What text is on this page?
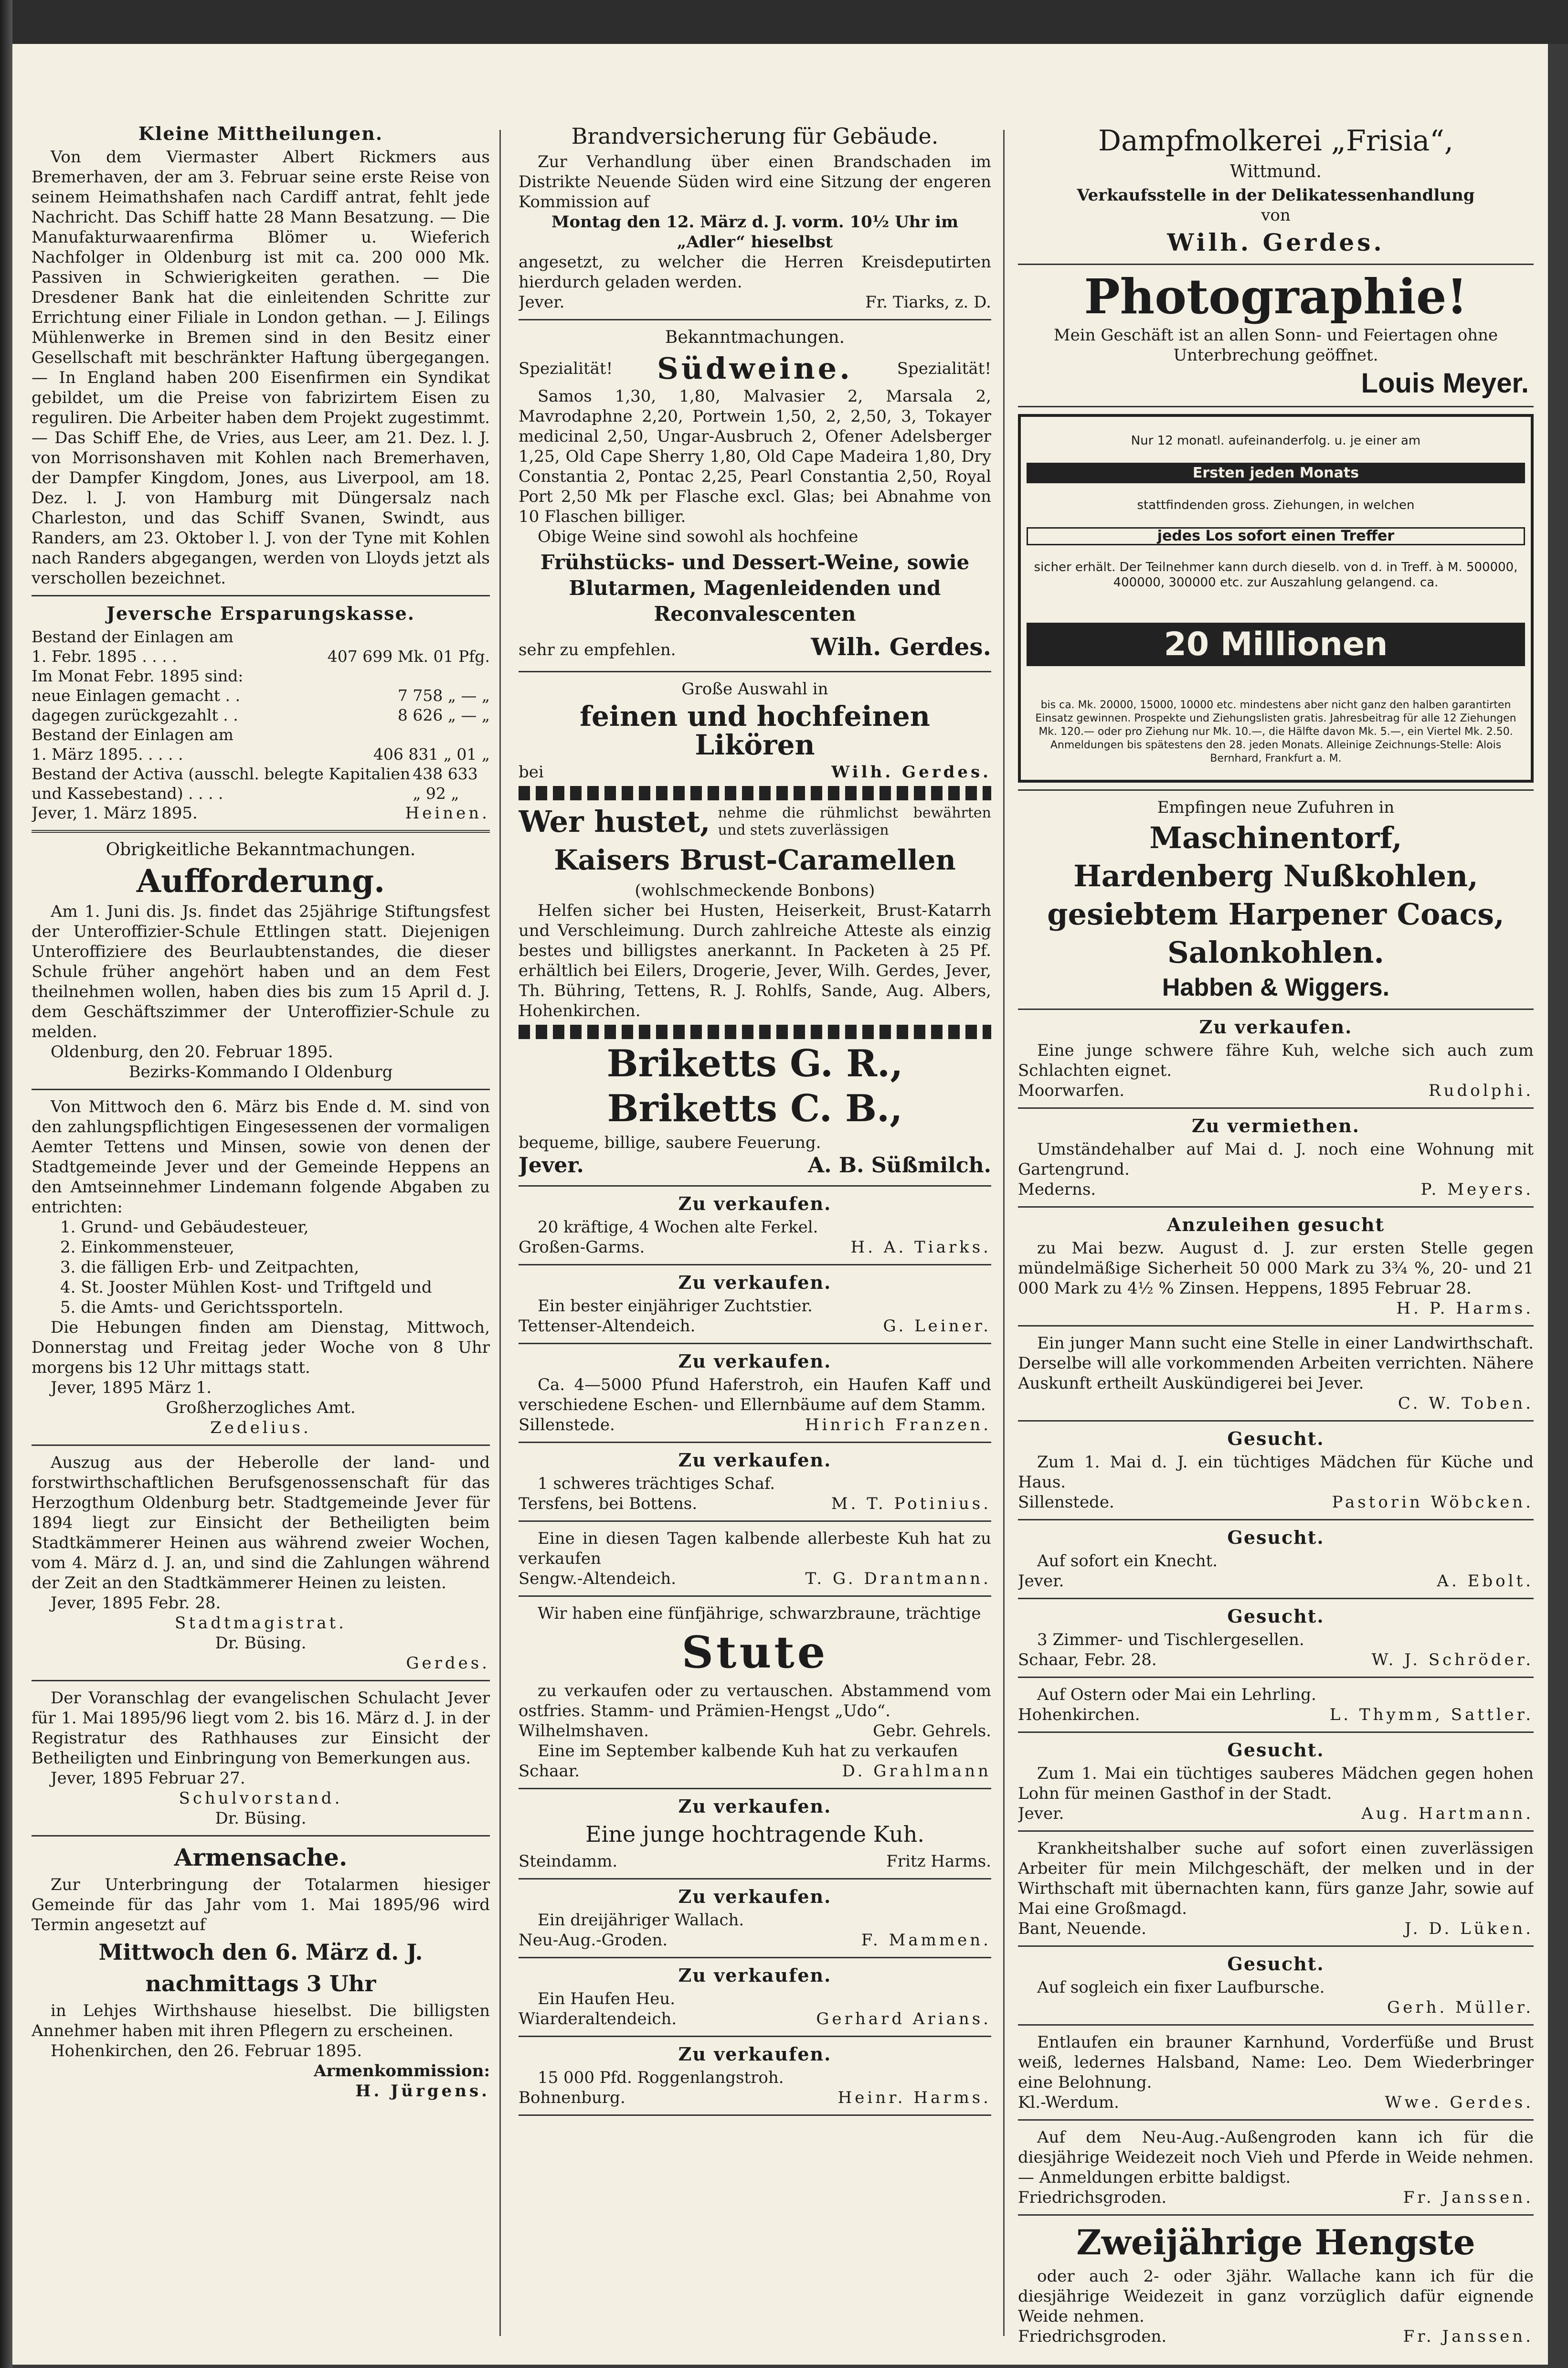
Kleine Mittheilungen.

Von dem Viermaster Albert Rickmers aus Bremerhaven, der am 3. Februar seine erste Reise von seinem Heimathshafen nach Cardiff antrat, fehlt jede Nachricht. Das Schiff hatte 28 Mann Besatzung. — Die Manufakturwaarenfirma Blömer u. Wieferich Nachfolger in Oldenburg ist mit ca. 200 000 Mk. Passiven in Schwierigkeiten gerathen. — Die Dresdener Bank hat die einleitenden Schritte zur Errichtung einer Filiale in London gethan. — J. Eilings Mühlenwerke in Bremen sind in den Besitz einer Gesellschaft mit beschränkter Haftung übergegangen. — In England haben 200 Eisenfirmen ein Syndikat gebildet, um die Preise von fabrizirtem Eisen zu reguliren. Die Arbeiter haben dem Projekt zugestimmt. — Das Schiff Ehe, de Vries, aus Leer, am 21. Dez. l. J. von Morrisonshaven mit Kohlen nach Bremerhaven, der Dampfer Kingdom, Jones, aus Liverpool, am 18. Dez. l. J. von Hamburg mit Düngersalz nach Charleston, und das Schiff Svanen, Swindt, aus Randers, am 23. Oktober l. J. von der Tyne mit Kohlen nach Randers abgegangen, werden von Lloyds jetzt als verschollen bezeichnet.

Jeversche Ersparungskasse.

Bestand der Einlagen am
1. Febr. 1895 . . . .	407 699 Mk. 01 Pfg.
Im Monat Febr. 1895 sind:
neue Einlagen gemacht . .	7 758 „ — „
dagegen zurückgezahlt . .	8 626 „ — „
Bestand der Einlagen am
1. März 1895. . . . .	406 831 „ 01 „
Bestand der Activa (ausschl. belegte Kapitalien und Kassebestand) . . . .
438 633 „ 92 „
Jever, 1. März 1895.	Heinen.

Obrigkeitliche Bekanntmachungen.

Aufforderung.

Am 1. Juni dis. Js. findet das 25jährige Stiftungsfest der Unteroffizier-Schule Ettlingen statt. Diejenigen Unteroffiziere des Beurlaubtenstandes, die dieser Schule früher angehört haben und an dem Fest theilnehmen wollen, haben dies bis zum 15 April d. J. dem Geschäftszimmer der Unteroffizier-Schule zu melden.

Oldenburg, den 20. Februar 1895.

Bezirks-Kommando I Oldenburg

Von Mittwoch den 6. März bis Ende d. M. sind von den zahlungspflichtigen Eingesessenen der vormaligen Aemter Tettens und Minsen, sowie von denen der Stadtgemeinde Jever und der Gemeinde Heppens an den Amtseinnehmer Lindemann folgende Abgaben zu entrichten:

1. Grund- und Gebäudesteuer,

2. Einkommensteuer,

3. die fälligen Erb- und Zeitpachten,

4. St. Jooster Mühlen Kost- und Triftgeld und

5. die Amts- und Gerichtssporteln.

Die Hebungen finden am Dienstag, Mittwoch, Donnerstag und Freitag jeder Woche von 8 Uhr morgens bis 12 Uhr mittags statt.

Jever, 1895 März 1.

Großherzogliches Amt.

Zedelius.

Auszug aus der Heberolle der land- und forstwirthschaftlichen Berufsgenossenschaft für das Herzogthum Oldenburg betr. Stadtgemeinde Jever für 1894 liegt zur Einsicht der Betheiligten beim Stadtkämmerer Heinen aus während zweier Wochen, vom 4. März d. J. an, und sind die Zahlungen während der Zeit an den Stadtkämmerer Heinen zu leisten.

Jever, 1895 Febr. 28.

Stadtmagistrat.

Dr. Büsing.

Gerdes.

Der Voranschlag der evangelischen Schulacht Jever für 1. Mai 1895/96 liegt vom 2. bis 16. März d. J. in der Registratur des Rathhauses zur Einsicht der Betheiligten und Einbringung von Bemerkungen aus.

Jever, 1895 Februar 27.

Schulvorstand.

Dr. Büsing.

Armensache.

Zur Unterbringung der Totalarmen hiesiger Gemeinde für das Jahr vom 1. Mai 1895/96 wird Termin angesetzt auf

Mittwoch den 6. März d. J.

nachmittags 3 Uhr

in Lehjes Wirthshause hieselbst. Die billigsten Annehmer haben mit ihren Pflegern zu erscheinen.

Hohenkirchen, den 26. Februar 1895.

Armenkommission:

H. Jürgens.

Brandversicherung für Gebäude.

Zur Verhandlung über einen Brandschaden im Distrikte Neuende Süden wird eine Sitzung der engeren Kommission auf

Montag den 12. März d. J. vorm. 10½ Uhr im „Adler“ hieselbst

angesetzt, zu welcher die Herren Kreisdeputirten hierdurch geladen werden.

Jever.	Fr. Tiarks, z. D.

Bekanntmachungen.

Spezialität! Südweine.	Spezialität!

Samos 1,30, 1,80, Malvasier 2, Marsala 2, Mavrodaphne 2,20, Portwein 1,50, 2, 2,50, 3, Tokayer medicinal 2,50, Ungar-Ausbruch 2, Ofener Adelsberger 1,25, Old Cape Sherry 1,80, Old Cape Madeira 1,80, Dry Constantia 2, Pontac 2,25, Pearl Constantia 2,50, Royal Port 2,50 Mk per Flasche excl. Glas; bei Abnahme von 10 Flaschen billiger.

Obige Weine sind sowohl als hochfeine

Frühstücks- und Dessert-Weine, sowie Blutarmen, Magenleidenden und Reconvalescenten

sehr zu empfehlen.	Wilh. Gerdes.

Große Auswahl in

feinen und hochfeinen Likören

bei	Wilh. Gerdes.
Wer hustet, nehme die rühmlichst bewährten und stets zuverlässigen

Kaisers Brust-Caramellen

(wohlschmeckende Bonbons)

Helfen sicher bei Husten, Heiserkeit, Brust-Katarrh und Verschleimung. Durch zahlreiche Atteste als einzig bestes und billigstes anerkannt. In Packeten à 25 Pf. erhältlich bei Eilers, Drogerie, Jever, Wilh. Gerdes, Jever, Th. Bühring, Tettens, R. J. Rohlfs, Sande, Aug. Albers, Hohenkirchen.

Briketts G. R.,

Briketts C. B.,

bequeme, billige, saubere Feuerung.

Jever.	A. B. Süßmilch.

Zu verkaufen.

20 kräftige, 4 Wochen alte Ferkel.

Großen-Garms.	H. A. Tiarks.

Zu verkaufen.

Ein bester einjähriger Zuchtstier.

Tettenser-Altendeich.	G. Leiner.

Zu verkaufen.

Ca. 4—5000 Pfund Haferstroh, ein Haufen Kaff und verschiedene Eschen- und Ellernbäume auf dem Stamm.

Sillenstede.	Hinrich Franzen.

Zu verkaufen.

1 schweres trächtiges Schaf.

Tersfens, bei Bottens.	M. T. Potinius.

Eine in diesen Tagen kalbende allerbeste Kuh hat zu verkaufen

Sengw.-Altendeich.	T. G. Drantmann.

Wir haben eine fünfjährige, schwarzbraune, trächtige

Stute

zu verkaufen oder zu vertauschen. Abstammend vom ostfries. Stamm- und Prämien-Hengst „Udo“.

Wilhelmshaven.	Gebr. Gehrels.

Eine im September kalbende Kuh hat zu verkaufen

Schaar.	D. Grahlmann

Zu verkaufen.

Eine junge hochtragende Kuh.

Steindamm.	Fritz Harms.

Zu verkaufen.

Ein dreijähriger Wallach.

Neu-Aug.-Groden.	F. Mammen.

Zu verkaufen.

Ein Haufen Heu.

Wiarderaltendeich.	Gerhard Arians.

Zu verkaufen.

15 000 Pfd. Roggenlangstroh.

Bohnenburg.	Heinr. Harms.

Dampfmolkerei „Frisia“,

Wittmund.

Verkaufsstelle in der Delikatessenhandlung

von

Wilh. Gerdes.

Photographie!

Mein Geschäft ist an allen Sonn- und Feiertagen ohne Unterbrechung geöffnet.

Louis Meyer.

Nur 12 monatl. aufeinanderfolg. u. je einer am

Ersten jeden Monats

stattfindenden gross. Ziehungen, in welchen

jedes Los sofort einen Treffer

sicher erhält. Der Teilnehmer kann durch dieselb. von d. in Treff. à M. 500000, 400000, 300000 etc. zur Auszahlung gelangend. ca.

20 Millionen

bis ca. Mk. 20000, 15000, 10000 etc. mindestens aber nicht ganz den halben garantirten Einsatz gewinnen. Prospekte und Ziehungslisten gratis. Jahresbeitrag für alle 12 Ziehungen Mk. 120.— oder pro Ziehung nur Mk. 10.—, die Hälfte davon Mk. 5.—, ein Viertel Mk. 2.50. Anmeldungen bis spätestens den 28. jeden Monats. Alleinige Zeichnungs-Stelle: Alois Bernhard, Frankfurt a. M.

Empfingen neue Zufuhren in

Maschinentorf,

Hardenberg Nußkohlen,

gesiebtem Harpener Coacs,

Salonkohlen.

Habben & Wiggers.

Zu verkaufen.

Eine junge schwere fähre Kuh, welche sich auch zum Schlachten eignet.

Moorwarfen.	Rudolphi.

Zu vermiethen.

Umständehalber auf Mai d. J. noch eine Wohnung mit Gartengrund.

Mederns.	P. Meyers.

Anzuleihen gesucht

zu Mai bezw. August d. J. zur ersten Stelle gegen mündelmäßige Sicherheit 50 000 Mark zu 3¾ %, 20- und 21 000 Mark zu 4½ % Zinsen. Heppens, 1895 Februar 28.

H. P. Harms.

Ein junger Mann sucht eine Stelle in einer Landwirthschaft. Derselbe will alle vorkommenden Arbeiten verrichten. Nähere Auskunft ertheilt Auskündigerei bei Jever.

C. W. Toben.

Gesucht.

Zum 1. Mai d. J. ein tüchtiges Mädchen für Küche und Haus.

Sillenstede.	Pastorin Wöbcken.

Gesucht.

Auf sofort ein Knecht.

Jever.	A. Ebolt.

Gesucht.

3 Zimmer- und Tischlergesellen.

Schaar, Febr. 28.	W. J. Schröder.

Auf Ostern oder Mai ein Lehrling.

Hohenkirchen.	L. Thymm, Sattler.

Gesucht.

Zum 1. Mai ein tüchtiges sauberes Mädchen gegen hohen Lohn für meinen Gasthof in der Stadt.

Jever.	Aug. Hartmann.

Krankheitshalber suche auf sofort einen zuverlässigen Arbeiter für mein Milchgeschäft, der melken und in der Wirthschaft mit übernachten kann, fürs ganze Jahr, sowie auf Mai eine Großmagd.

Bant, Neuende.	J. D. Lüken.

Gesucht.

Auf sogleich ein fixer Laufbursche.

Gerh. Müller.

Entlaufen ein brauner Karnhund, Vorderfüße und Brust weiß, ledernes Halsband, Name: Leo. Dem Wiederbringer eine Belohnung.

Kl.-Werdum.	Wwe. Gerdes.

Auf dem Neu-Aug.-Außengroden kann ich für die diesjährige Weidezeit noch Vieh und Pferde in Weide nehmen. — Anmeldungen erbitte baldigst.

Friedrichsgroden.	Fr. Janssen.

Zweijährige Hengste

oder auch 2- oder 3jähr. Wallache kann ich für die diesjährige Weidezeit in ganz vorzüglich dafür eignende Weide nehmen.

Friedrichsgroden.	Fr. Janssen.
